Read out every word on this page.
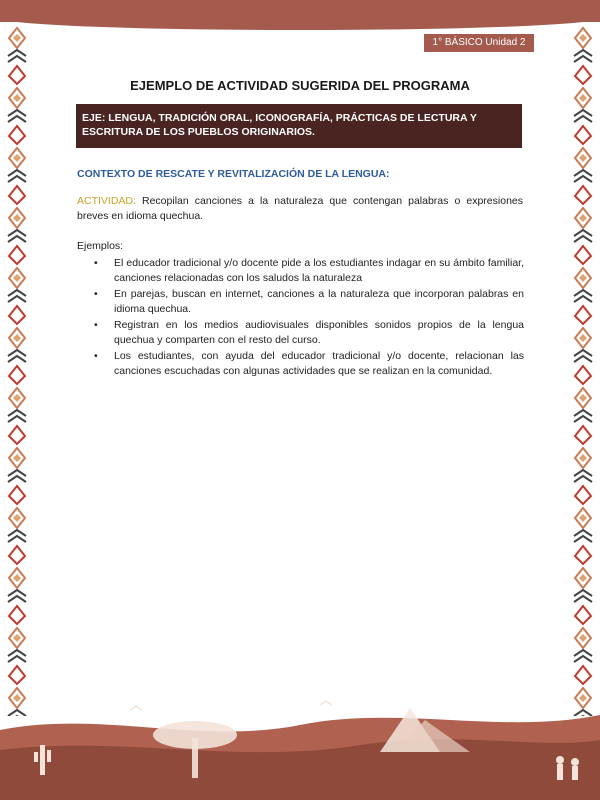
1° BÁSICO Unidad 2
EJEMPLO DE ACTIVIDAD SUGERIDA DEL PROGRAMA
EJE: LENGUA, TRADICIÓN ORAL, ICONOGRAFÍA, PRÁCTICAS DE LECTURA Y ESCRITURA DE LOS PUEBLOS ORIGINARIOS.
CONTEXTO DE RESCATE Y REVITALIZACIÓN DE LA LENGUA:
ACTIVIDAD: Recopilan canciones a la naturaleza que contengan palabras o expresiones breves en idioma quechua.
Ejemplos:
• El educador tradicional y/o docente pide a los estudiantes indagar en su ámbito familiar, canciones relacionadas con los saludos la naturaleza
• En parejas, buscan en internet, canciones a la naturaleza que incorporan palabras en idioma quechua.
• Registran en los medios audiovisuales disponibles sonidos propios de la lengua quechua y comparten con el resto del curso.
• Los estudiantes, con ayuda del educador tradicional y/o docente, relacionan las canciones escuchadas con algunas actividades que se realizan en la comunidad.
